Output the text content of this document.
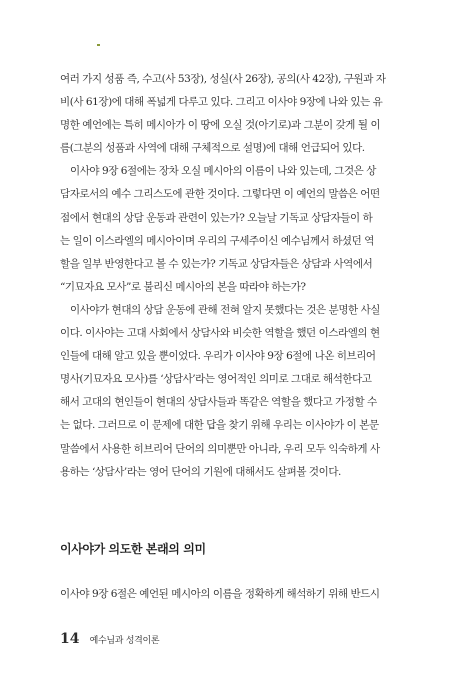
여러 가지 성품 즉, 수고(사 53장), 성실(사 26장), 공의(사 42장), 구원과 자
비(사 61장)에 대해 폭넓게 다루고 있다. 그리고 이사야 9장에 나와 있는 유
명한 예언에는 특히 메시아가 이 땅에 오실 것(아기로)과 그분이 갖게 될 이
름(그분의 성품과 사역에 대해 구체적으로 설명)에 대해 언급되어 있다.
이사야 9장 6절에는 장차 오실 메시아의 이름이 나와 있는데, 그것은 상
담자로서의 예수 그리스도에 관한 것이다. 그렇다면 이 예언의 말씀은 어떤
점에서 현대의 상담 운동과 관련이 있는가? 오늘날 기독교 상담자들이 하
는 일이 이스라엘의 메시아이며 우리의 구세주이신 예수님께서 하셨던 역
할을 일부 반영한다고 볼 수 있는가? 기독교 상담자들은 상담과 사역에서
“기묘자요 모사”로 불리신 메시아의 본을 따라야 하는가?
이사야가 현대의 상담 운동에 관해 전혀 알지 못했다는 것은 분명한 사실
이다. 이사야는 고대 사회에서 상담사와 비슷한 역할을 했던 이스라엘의 현
인들에 대해 알고 있을 뿐이었다. 우리가 이사야 9장 6절에 나온 히브리어
명사(기묘자요 모사)를 ‘상담사’라는 영어적인 의미로 그대로 해석한다고
해서 고대의 현인들이 현대의 상담사들과 똑같은 역할을 했다고 가정할 수
는 없다. 그러므로 이 문제에 대한 답을 찾기 위해 우리는 이사야가 이 본문
말씀에서 사용한 히브리어 단어의 의미뿐만 아니라, 우리 모두 익숙하게 사
용하는 ‘상담사’라는 영어 단어의 기원에 대해서도 살펴볼 것이다.
이사야가 의도한 본래의 의미
이사야 9장 6절은 예언된 메시아의 이름을 정확하게 해석하기 위해 반드시
14 예수님과 성격이론
